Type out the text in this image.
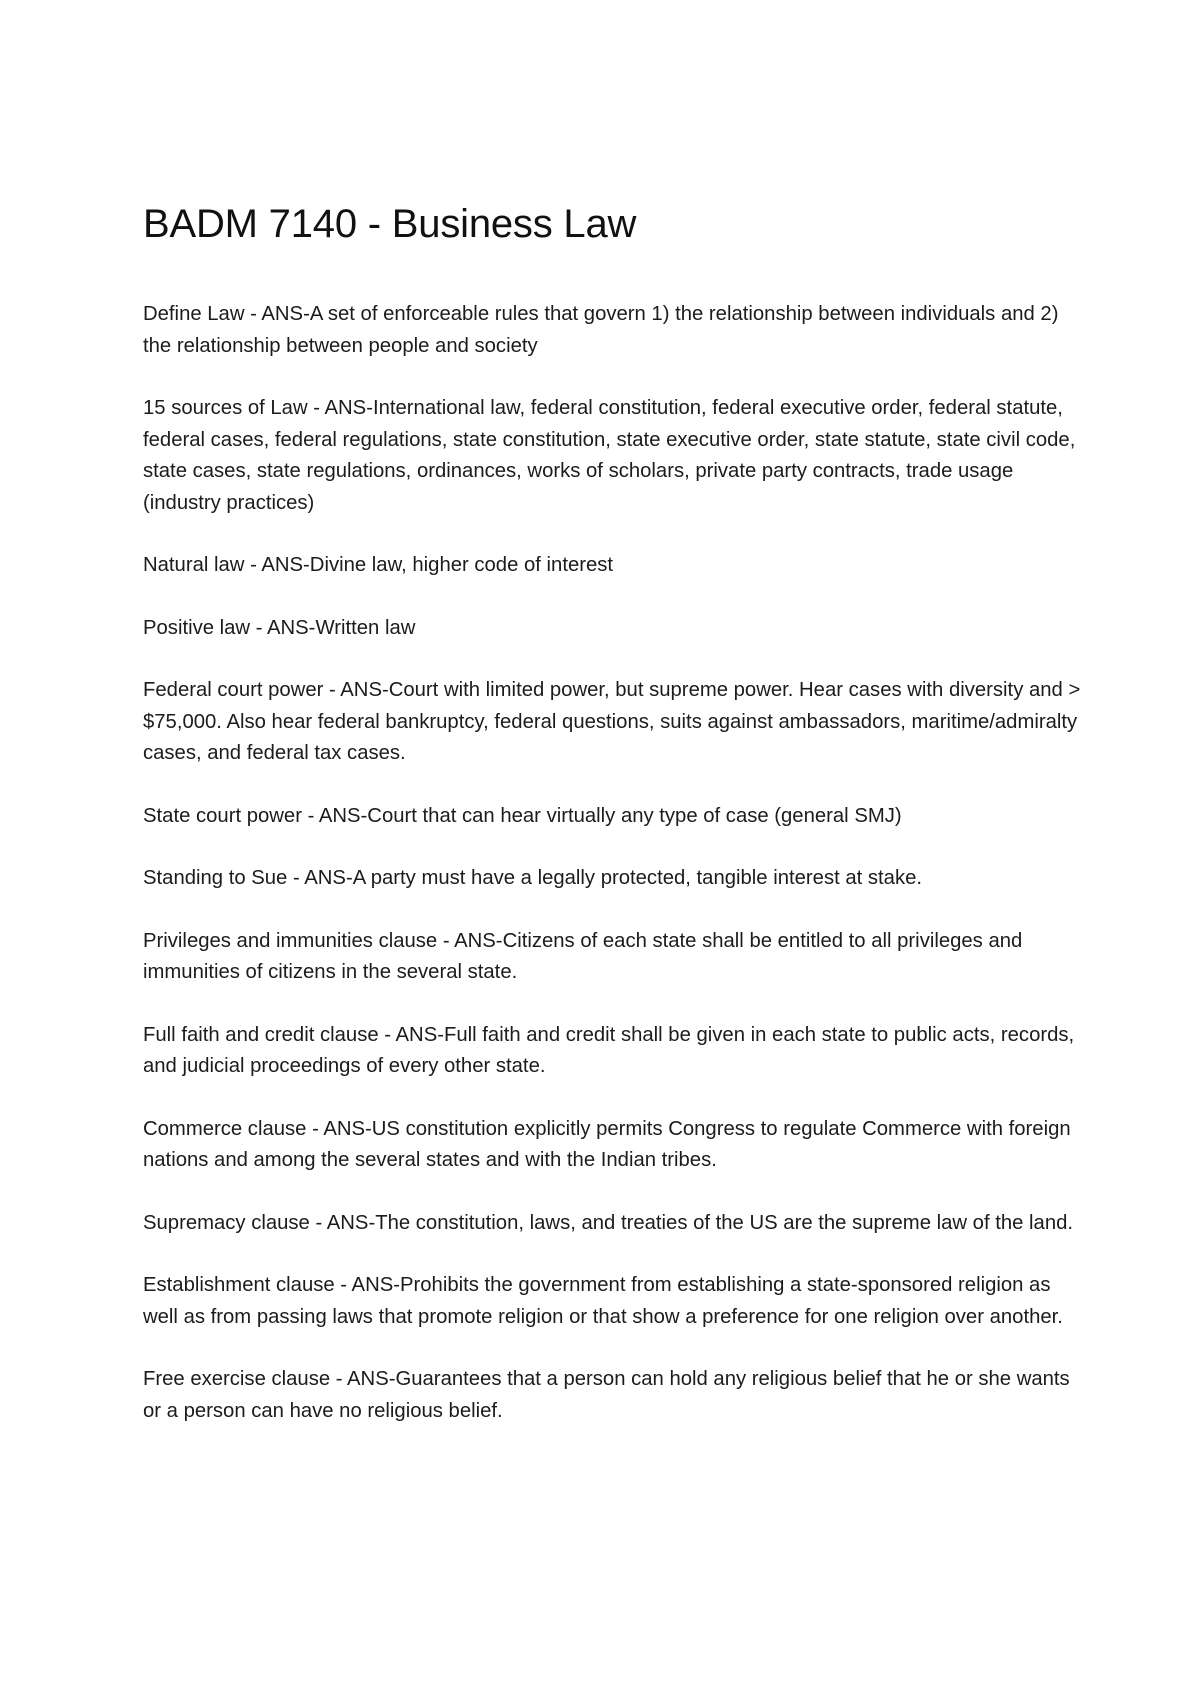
BADM 7140 - Business Law

Define Law - ANS-A set of enforceable rules that govern 1) the relationship between individuals and 2) the relationship between people and society

15 sources of Law - ANS-International law, federal constitution, federal executive order, federal statute, federal cases, federal regulations, state constitution, state executive order, state statute, state civil code, state cases, state regulations, ordinances, works of scholars, private party contracts, trade usage (industry practices)

Natural law - ANS-Divine law, higher code of interest

Positive law - ANS-Written law

Federal court power - ANS-Court with limited power, but supreme power. Hear cases with diversity and > $75,000. Also hear federal bankruptcy, federal questions, suits against ambassadors, maritime/admiralty cases, and federal tax cases.

State court power - ANS-Court that can hear virtually any type of case (general SMJ)

Standing to Sue - ANS-A party must have a legally protected, tangible interest at stake.

Privileges and immunities clause - ANS-Citizens of each state shall be entitled to all privileges and immunities of citizens in the several state.

Full faith and credit clause - ANS-Full faith and credit shall be given in each state to public acts, records, and judicial proceedings of every other state.

Commerce clause - ANS-US constitution explicitly permits Congress to regulate Commerce with foreign nations and among the several states and with the Indian tribes.

Supremacy clause - ANS-The constitution, laws, and treaties of the US are the supreme law of the land.

Establishment clause - ANS-Prohibits the government from establishing a state-sponsored religion as well as from passing laws that promote religion or that show a preference for one religion over another.

Free exercise clause - ANS-Guarantees that a person can hold any religious belief that he or she wants or a person can have no religious belief.
